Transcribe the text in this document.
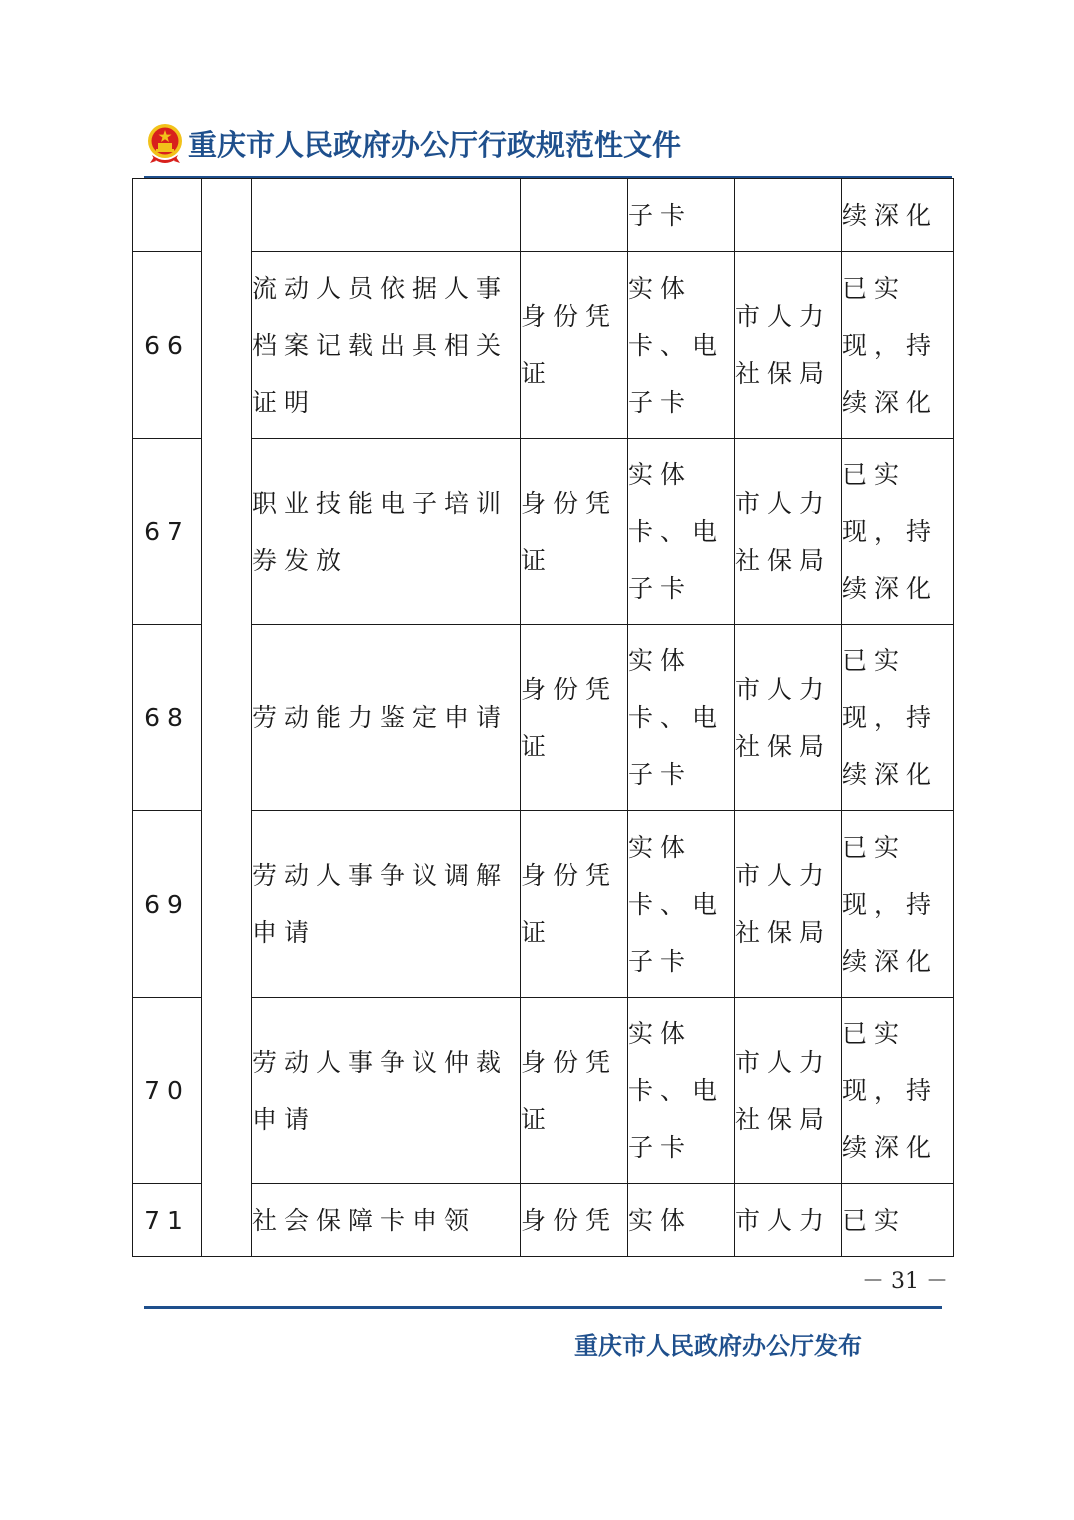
重庆市人民政府办公厅行政规范性文件
				子卡		续深化
66		流动人员依据人事档案记载出具相关证明	身份凭证	实体卡、电子卡	市人力社保局	已实现，持续深化
67		职业技能电子培训券发放	身份凭证	实体卡、电子卡	市人力社保局	已实现，持续深化
68		劳动能力鉴定申请	身份凭证	实体卡、电子卡	市人力社保局	已实现，持续深化
69		劳动人事争议调解申请	身份凭证	实体卡、电子卡	市人力社保局	已实现，持续深化
70		劳动人事争议仲裁申请	身份凭证	实体卡、电子卡	市人力社保局	已实现，持续深化
71		社会保障卡申领	身份凭	实体	市人力	已实
－ 31 －
重庆市人民政府办公厅发布
